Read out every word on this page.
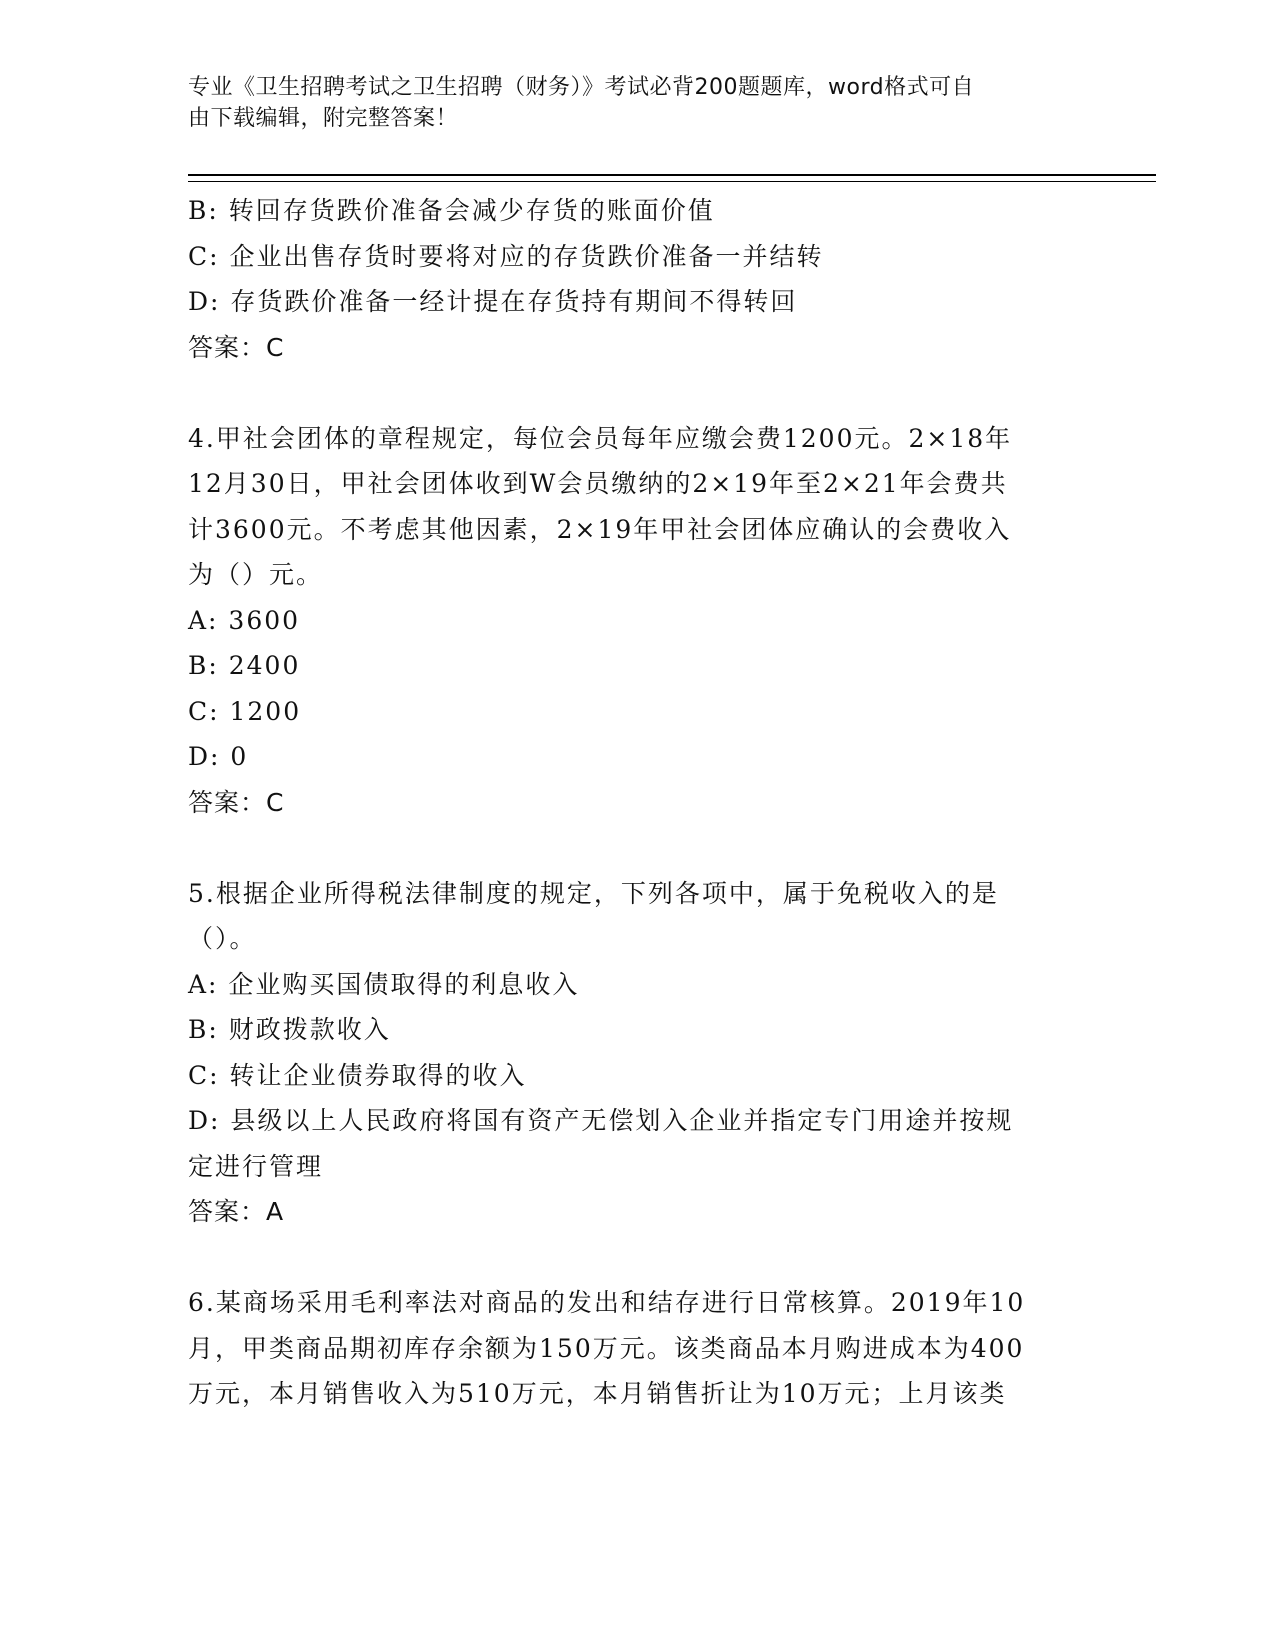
专业《卫生招聘考试之卫生招聘（财务）》考试必背200题题库，word格式可自
由下载编辑，附完整答案！
B: 转回存货跌价准备会减少存货的账面价值
C: 企业出售存货时要将对应的存货跌价准备一并结转
D: 存货跌价准备一经计提在存货持有期间不得转回
答案：C
4.甲社会团体的章程规定，每位会员每年应缴会费1200元。2×18年
12月30日，甲社会团体收到W会员缴纳的2×19年至2×21年会费共
计3600元。不考虑其他因素，2×19年甲社会团体应确认的会费收入
为（）元。
A: 3600
B: 2400
C: 1200
D: 0
答案：C
5.根据企业所得税法律制度的规定，下列各项中，属于免税收入的是
（）。
A: 企业购买国债取得的利息收入
B: 财政拨款收入
C: 转让企业债券取得的收入
D: 县级以上人民政府将国有资产无偿划入企业并指定专门用途并按规
定进行管理
答案：A
6.某商场采用毛利率法对商品的发出和结存进行日常核算。2019年10
月，甲类商品期初库存余额为150万元。该类商品本月购进成本为400
万元，本月销售收入为510万元，本月销售折让为10万元；上月该类
